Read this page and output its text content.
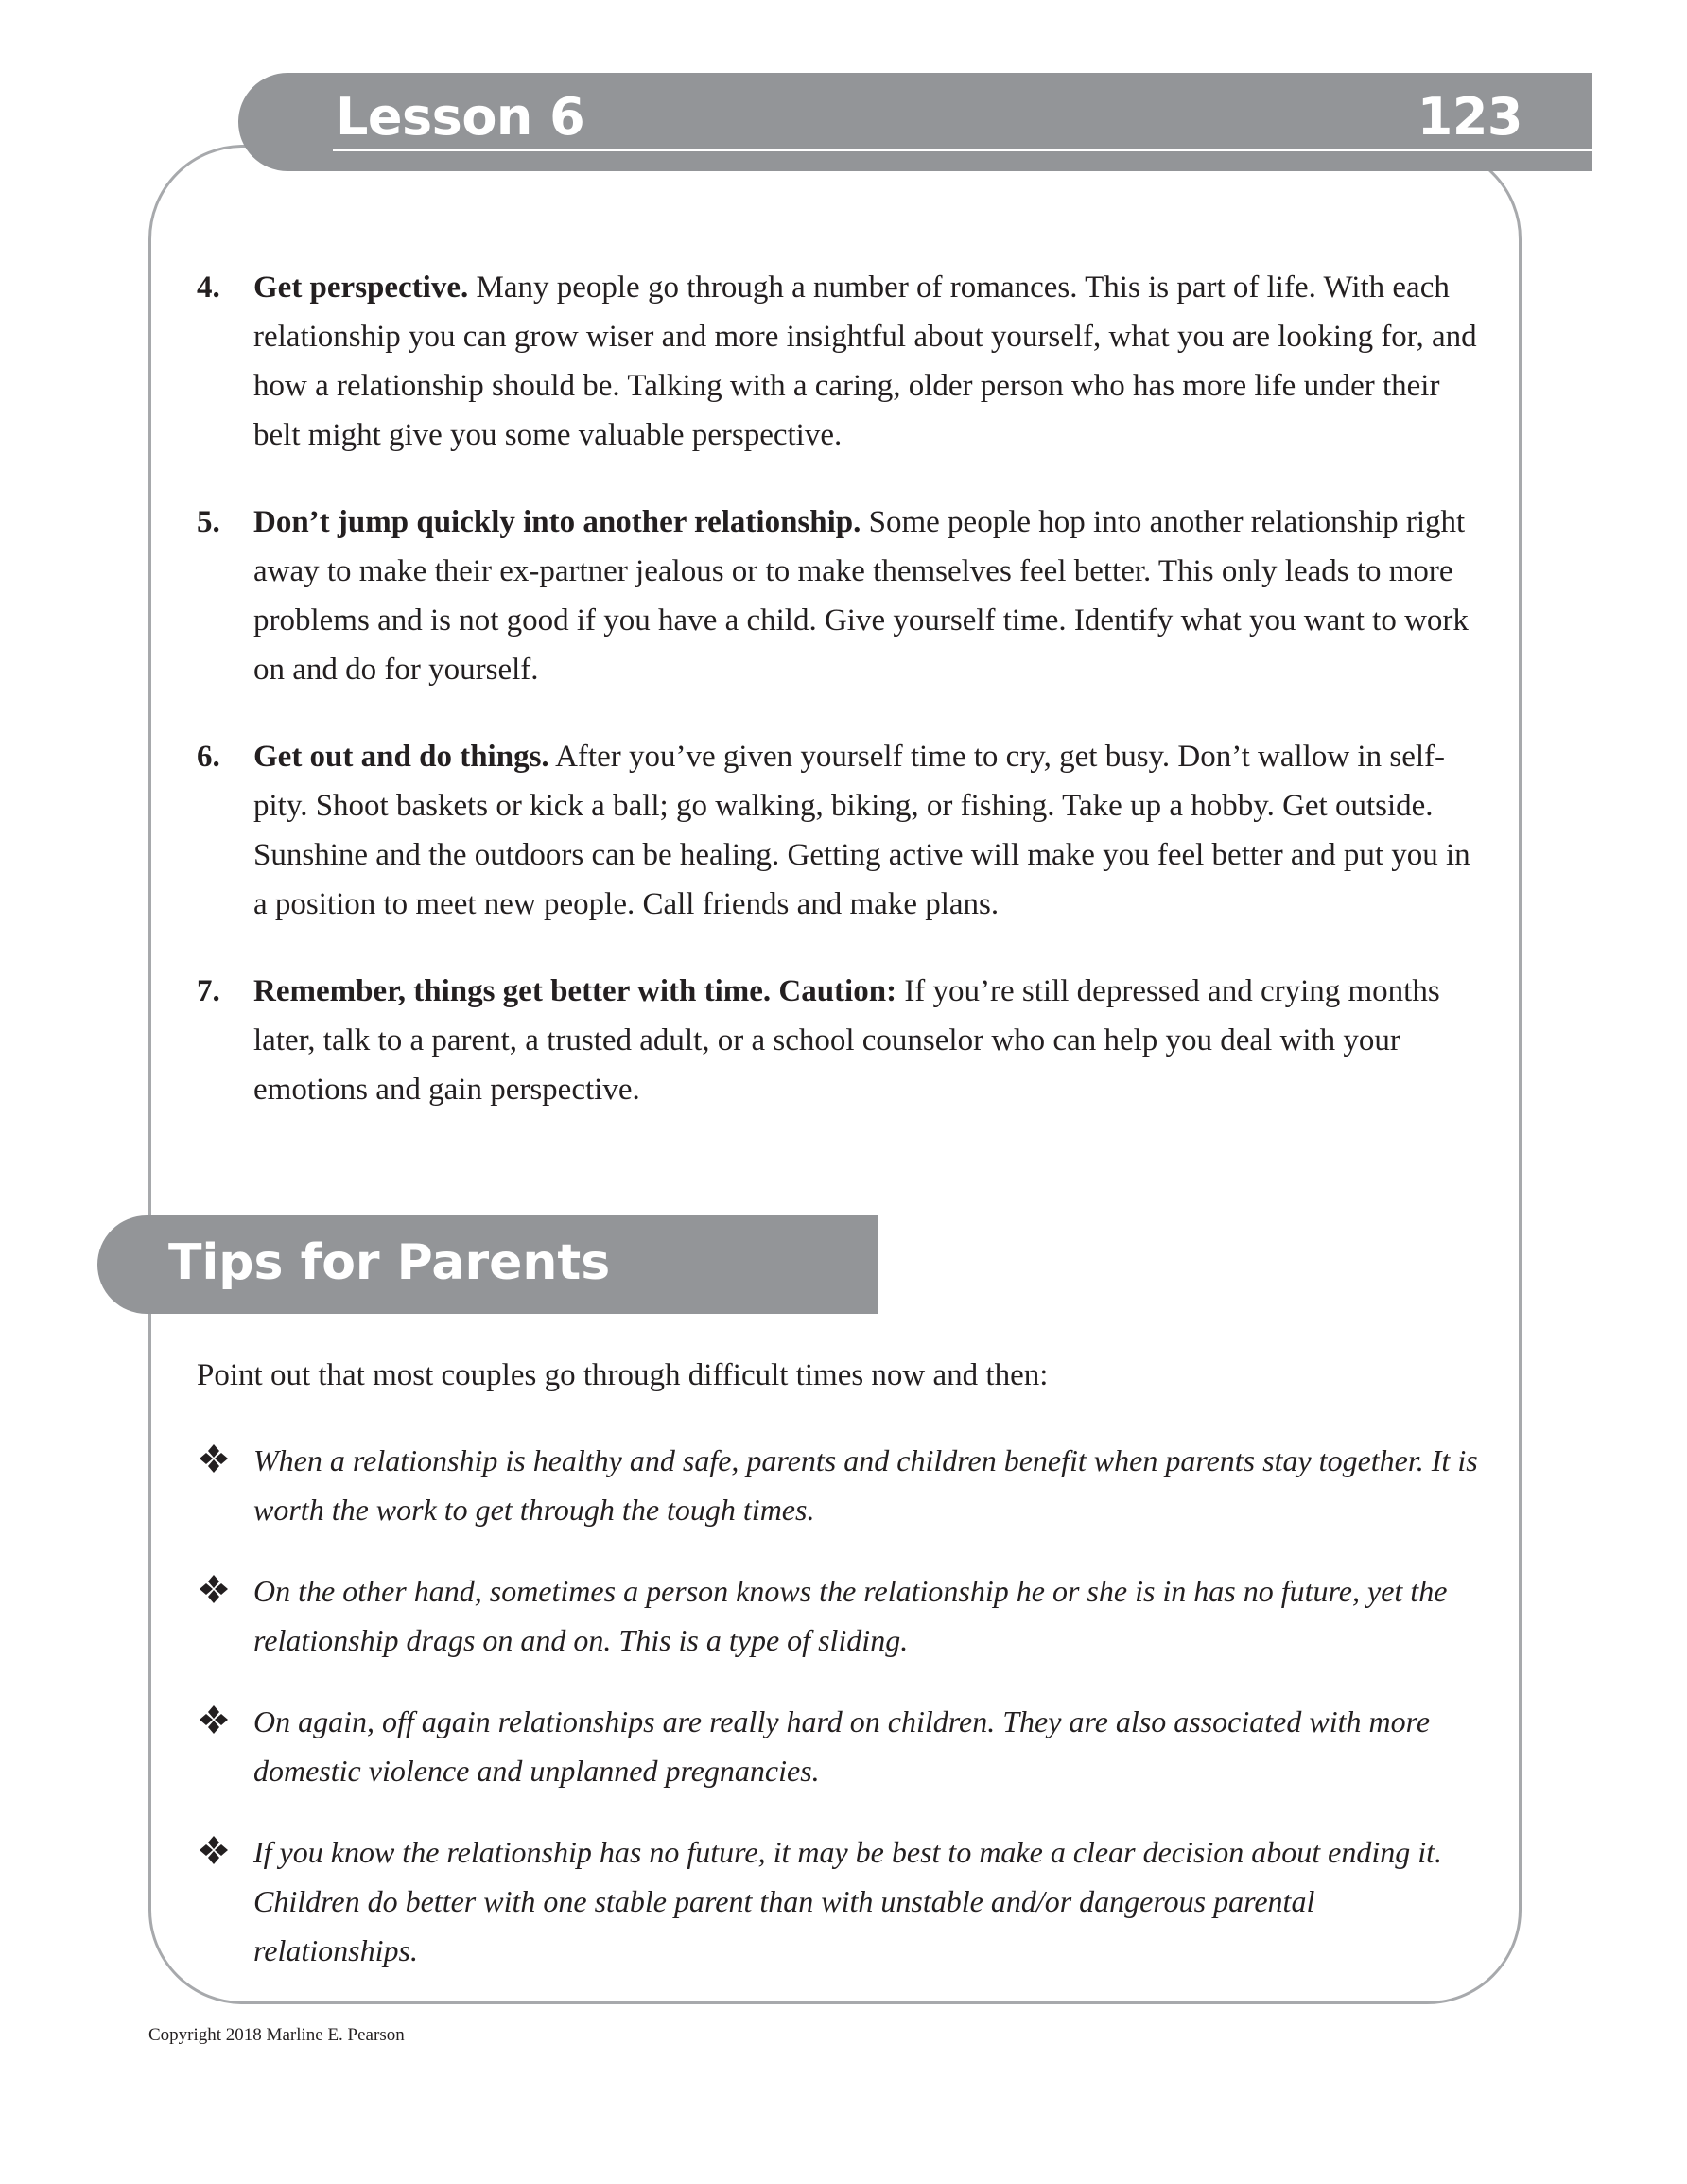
Lesson 6	123
4. Get perspective. Many people go through a number of romances. This is part of life. With each relationship you can grow wiser and more insightful about yourself, what you are looking for, and how a relationship should be. Talking with a caring, older person who has more life under their belt might give you some valuable perspective.
5. Don’t jump quickly into another relationship. Some people hop into another relationship right away to make their ex-partner jealous or to make themselves feel better. This only leads to more problems and is not good if you have a child. Give yourself time. Identify what you want to work on and do for yourself.
6. Get out and do things. After you’ve given yourself time to cry, get busy. Don’t wallow in self-pity. Shoot baskets or kick a ball; go walking, biking, or fishing. Take up a hobby. Get outside. Sunshine and the outdoors can be healing. Getting active will make you feel better and put you in a position to meet new people. Call friends and make plans.
7. Remember, things get better with time. Caution: If you’re still depressed and crying months later, talk to a parent, a trusted adult, or a school counselor who can help you deal with your emotions and gain perspective.
Tips for Parents
Point out that most couples go through difficult times now and then:
When a relationship is healthy and safe, parents and children benefit when parents stay together. It is worth the work to get through the tough times.
On the other hand, sometimes a person knows the relationship he or she is in has no future, yet the relationship drags on and on. This is a type of sliding.
On again, off again relationships are really hard on children. They are also associated with more domestic violence and unplanned pregnancies.
If you know the relationship has no future, it may be best to make a clear decision about ending it. Children do better with one stable parent than with unstable and/or dangerous parental relationships.
Copyright 2018 Marline E. Pearson
